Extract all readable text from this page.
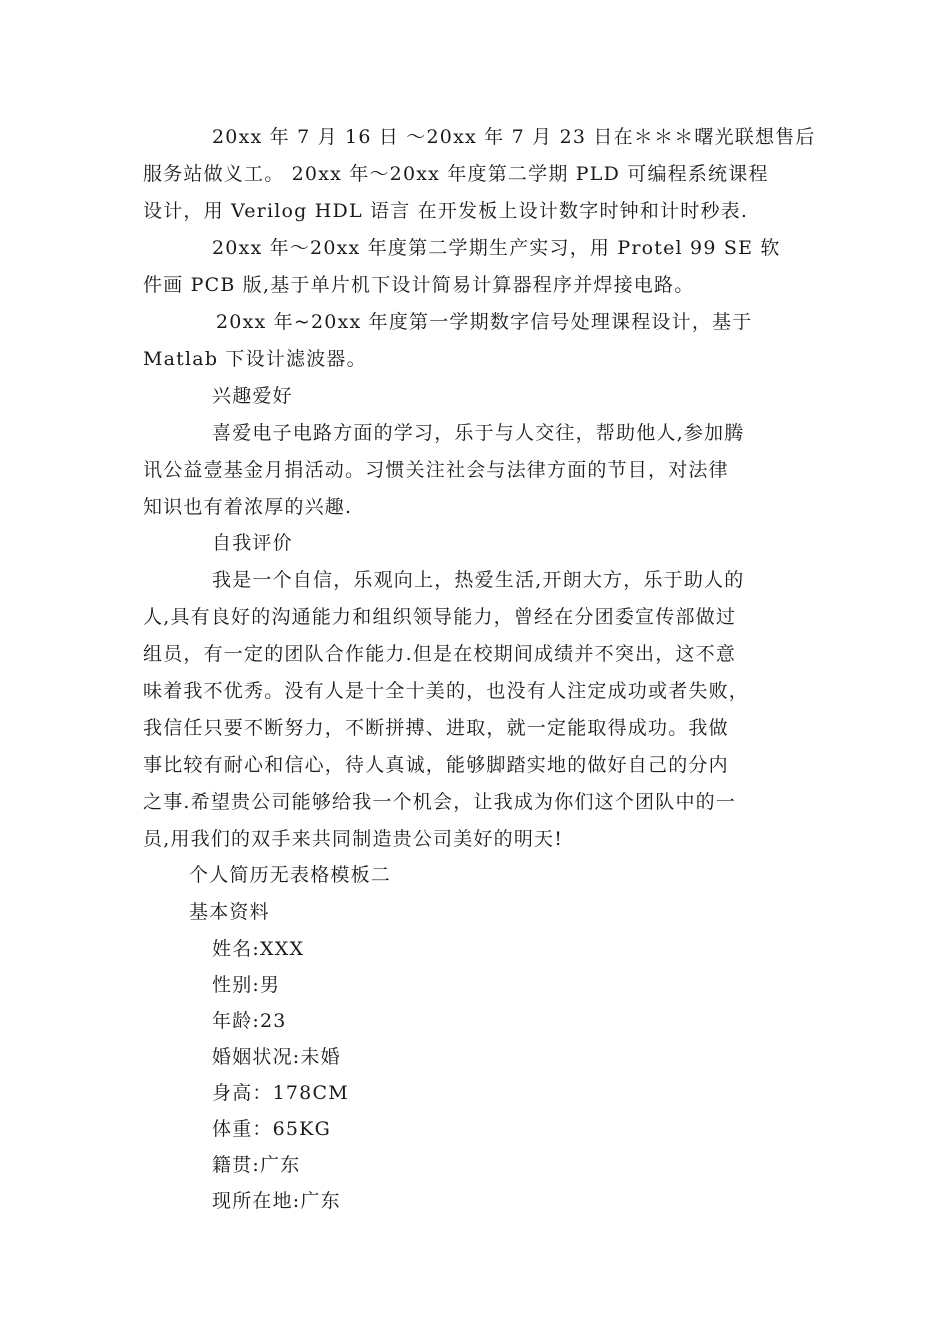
20xx 年 7 月 16 日 ～20xx 年 7 月 23 日在＊＊＊曙光联想售后
服务站做义工。 20xx 年～20xx 年度第二学期 PLD 可编程系统课程
设计，用 Verilog HDL 语言 在开发板上设计数字时钟和计时秒表.
20xx 年～20xx 年度第二学期生产实习，用 Protel 99 SE 软
件画 PCB 版,基于单片机下设计简易计算器程序并焊接电路。
20xx 年~20xx 年度第一学期数字信号处理课程设计，基于
Matlab 下设计滤波器。
兴趣爱好
喜爱电子电路方面的学习，乐于与人交往，帮助他人,参加腾
讯公益壹基金月捐活动。习惯关注社会与法律方面的节目，对法律
知识也有着浓厚的兴趣.
自我评价
我是一个自信，乐观向上，热爱生活,开朗大方，乐于助人的
人,具有良好的沟通能力和组织领导能力，曾经在分团委宣传部做过
组员，有一定的团队合作能力.但是在校期间成绩并不突出，这不意
味着我不优秀。没有人是十全十美的，也没有人注定成功或者失败，
我信任只要不断努力，不断拼搏、进取，就一定能取得成功。我做
事比较有耐心和信心，待人真诚，能够脚踏实地的做好自己的分内
之事.希望贵公司能够给我一个机会，让我成为你们这个团队中的一
员,用我们的双手来共同制造贵公司美好的明天!
个人简历无表格模板二
基本资料
姓名:XXX
性别:男
年龄:23
婚姻状况:未婚
身高：178CM
体重：65KG
籍贯:广东
现所在地:广东
